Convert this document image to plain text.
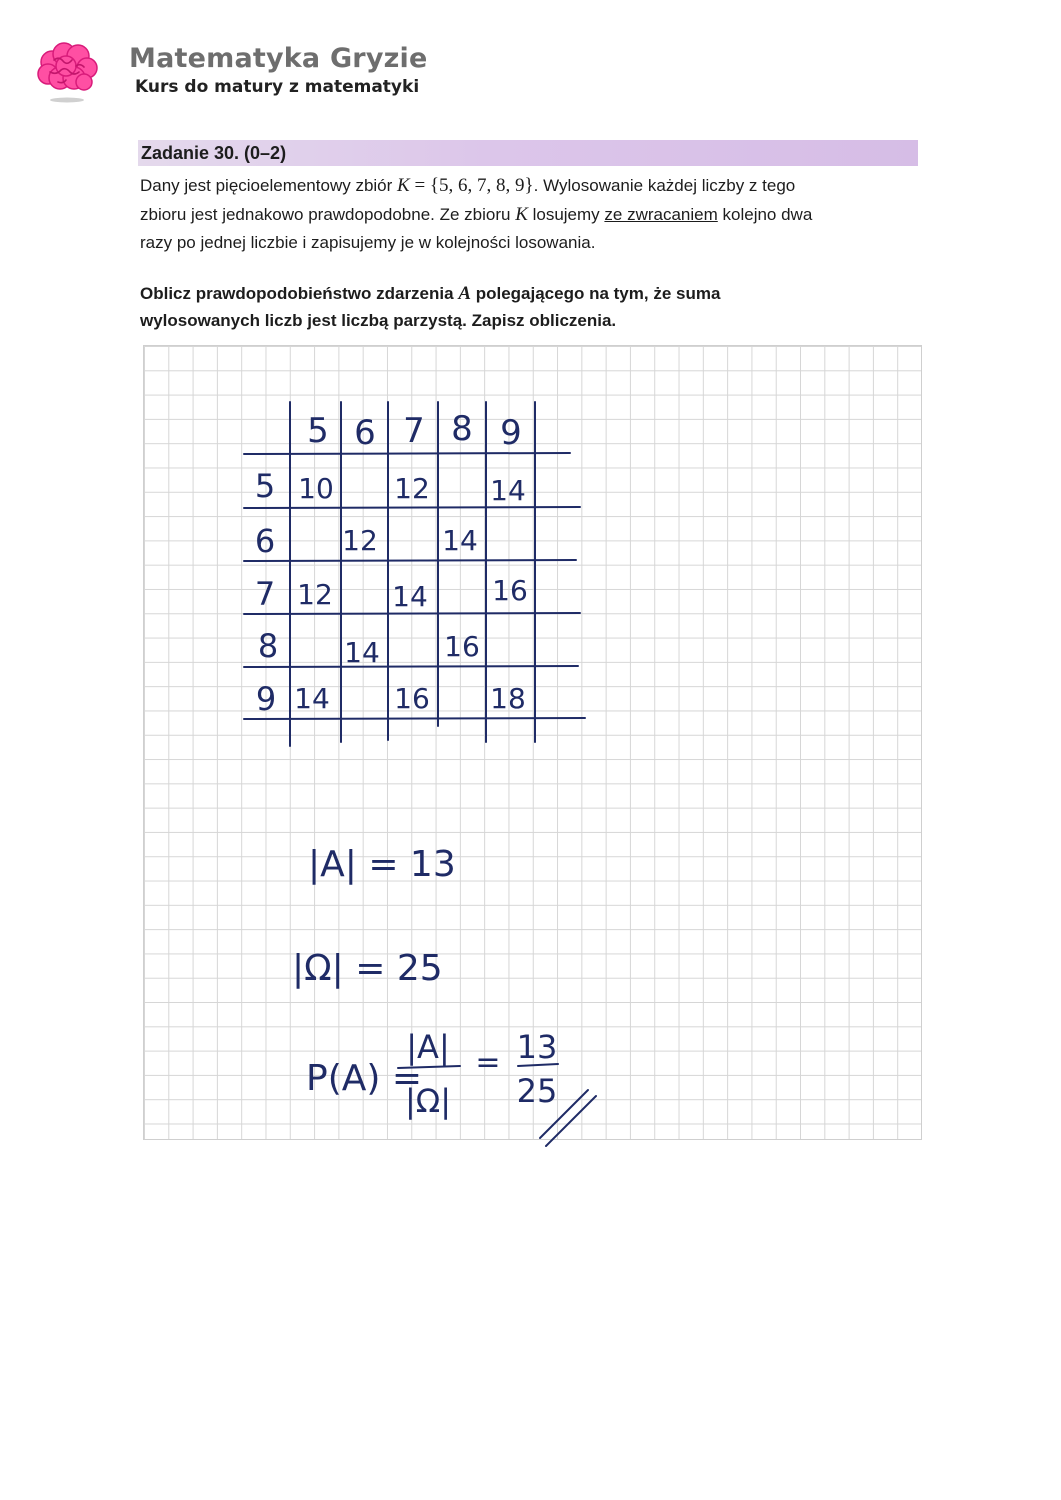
Matematyka Gryzie
Kurs do matury z matematyki
Zadanie 30. (0–2)

Dany jest pięcioelementowy zbiór K = {5, 6, 7, 8, 9}. Wylosowanie każdej liczby z tego

zbioru jest jednakowo prawdopodobne. Ze zbioru K losujemy ze zwracaniem kolejno dwa

razy po jednej liczbie i zapisujemy je w kolejności losowania.

Oblicz prawdopodobieństwo zdarzenia A polegającego na tym, że suma

wylosowanych liczb jest liczbą parzystą. Zapisz obliczenia.

5 6 7 8 9
5
6
7
8
9
10 12 14
12 14
12 14 16
14 16
14 16 18
|A| = 13
|Ω| = 25
P(A) =
|A|
|Ω|
= 13
25
